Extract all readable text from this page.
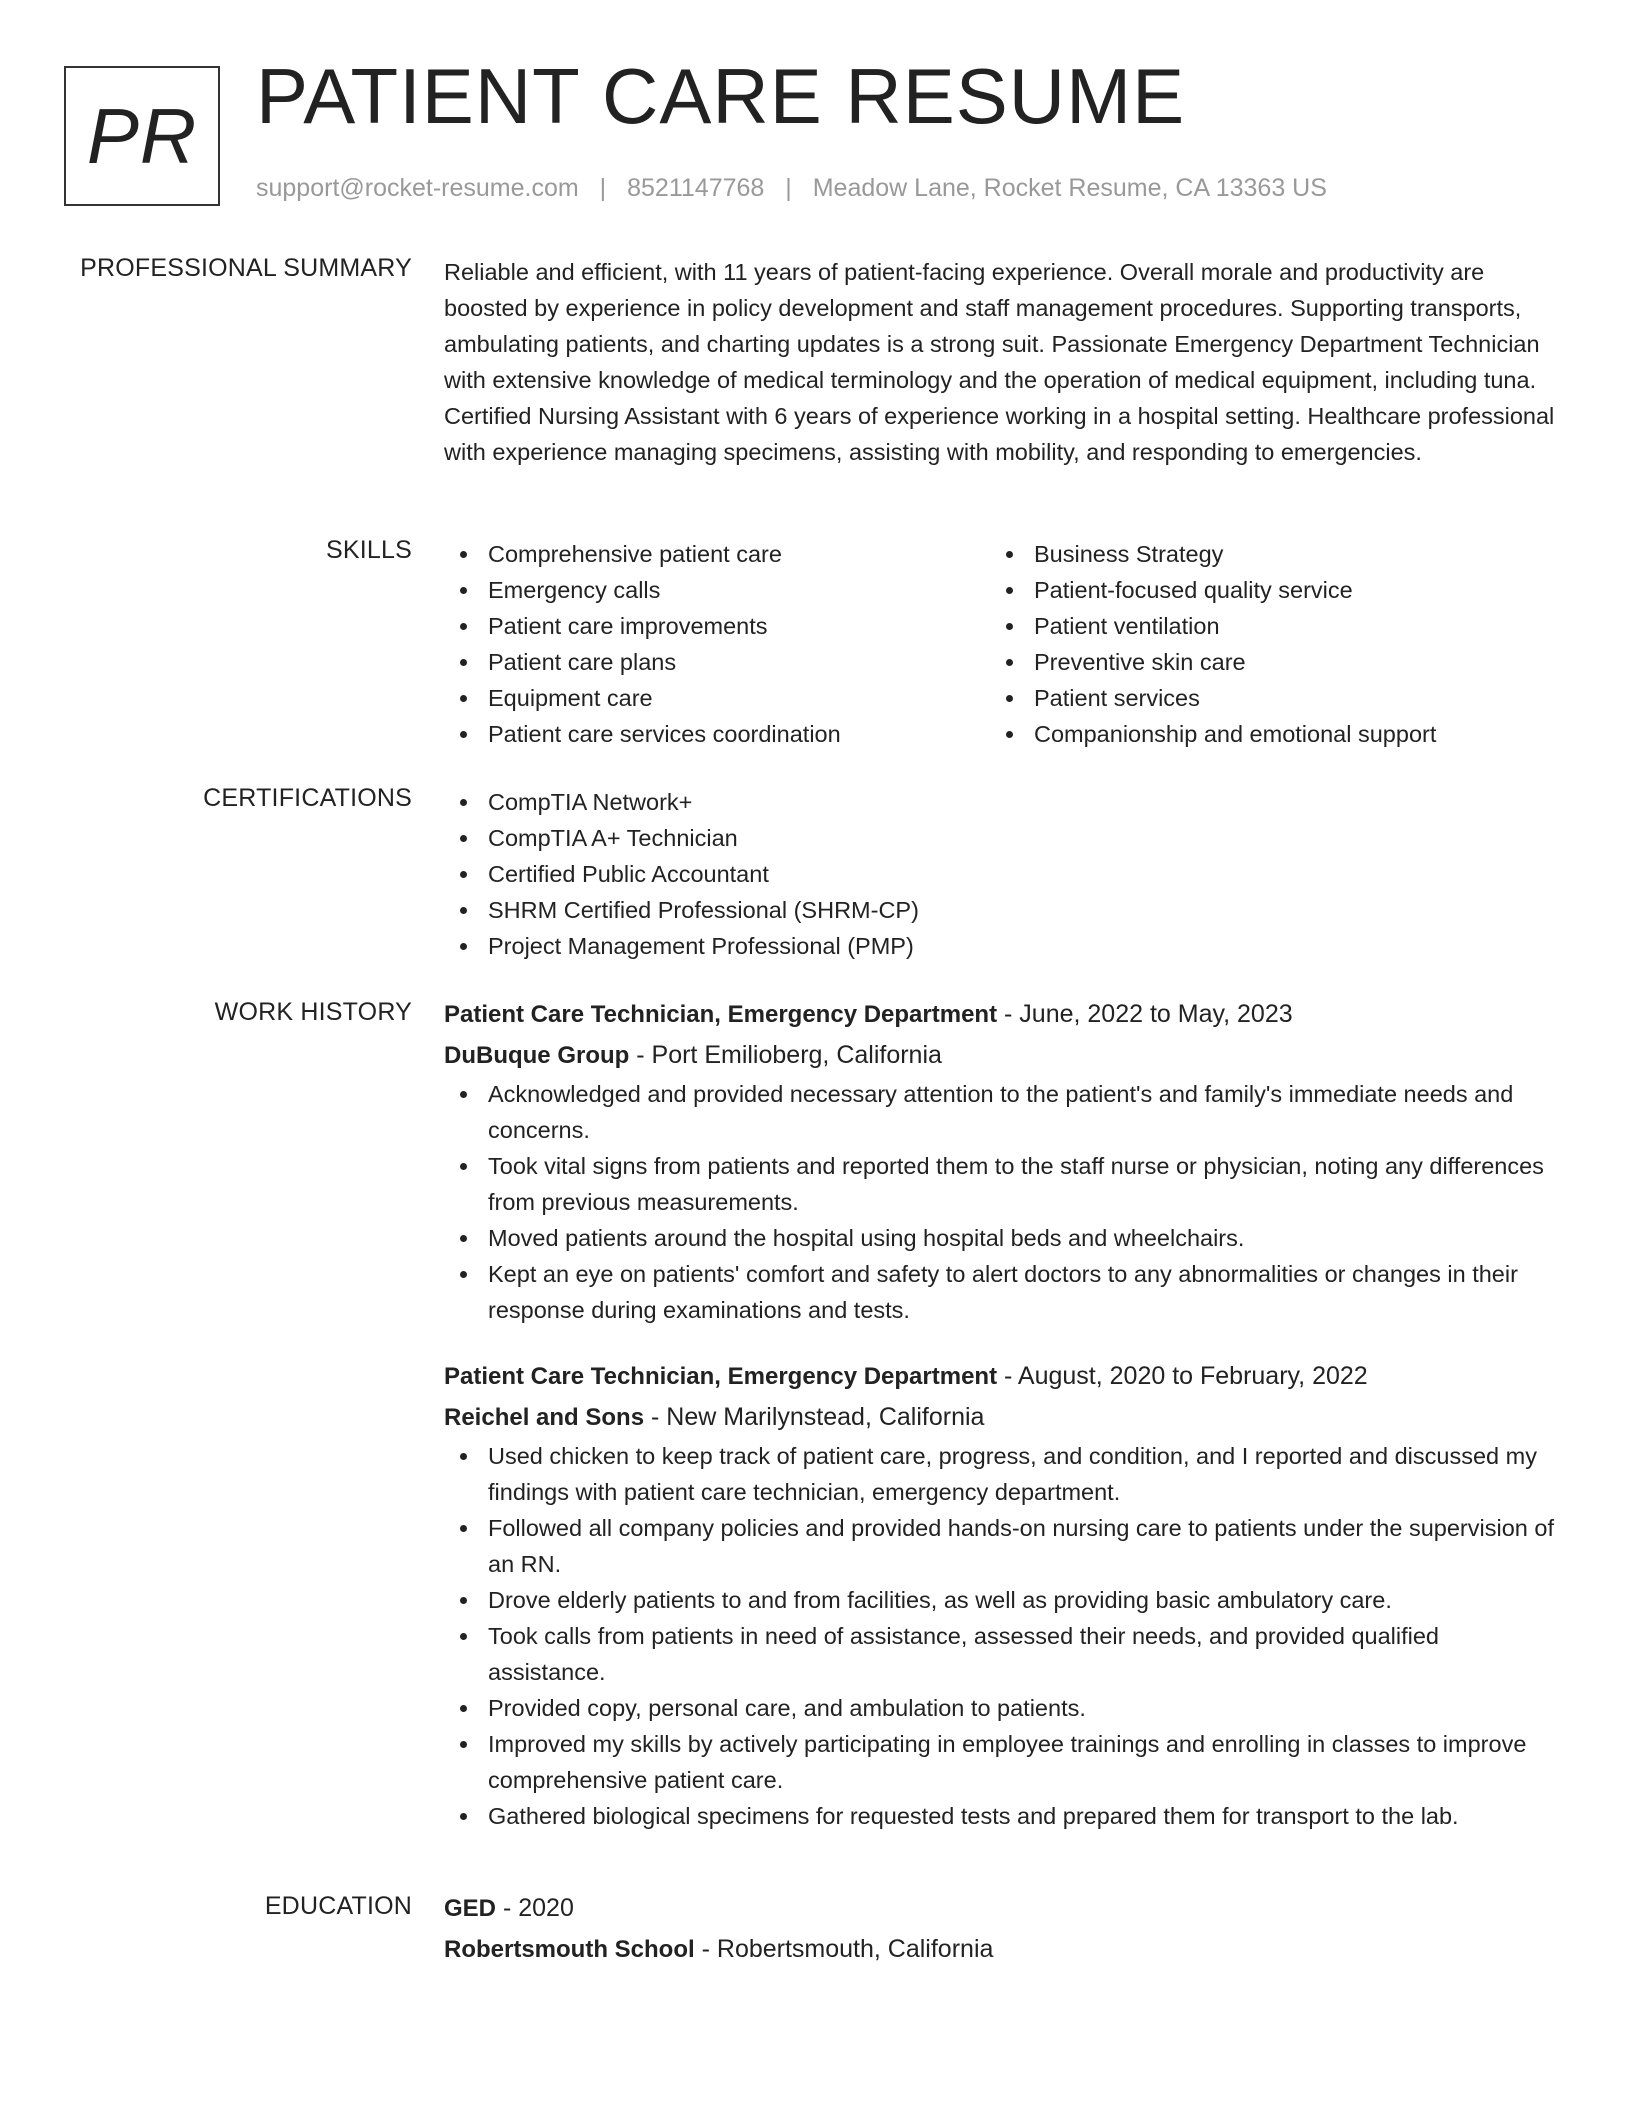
PR PATIENT CARE RESUME
support@rocket-resume.com | 8521147768 | Meadow Lane, Rocket Resume, CA 13363 US
PROFESSIONAL SUMMARY Reliable and efficient, with 11 years of patient-facing experience. Overall morale and productivity are boosted by experience in policy development and staff management procedures. Supporting transports, ambulating patients, and charting updates is a strong suit. Passionate Emergency Department Technician with extensive knowledge of medical terminology and the operation of medical equipment, including tuna. Certified Nursing Assistant with 6 years of experience working in a hospital setting. Healthcare professional with experience managing specimens, assisting with mobility, and responding to emergencies.

SKILLS	Comprehensive patient care
Emergency calls
Patient care improvements
Patient care plans
Equipment care
Patient care services coordination
Business Strategy
Patient-focused quality service
Patient ventilation
Preventive skin care
Patient services
Companionship and emotional support
CERTIFICATIONS	CompTIA Network+
CompTIA A+ Technician
Certified Public Accountant
SHRM Certified Professional (SHRM-CP)
Project Management Professional (PMP)
WORK HISTORY Patient Care Technician, Emergency Department - June, 2022 to May, 2023
DuBuque Group - Port Emilioberg, California
Acknowledged and provided necessary attention to the patient's and family's immediate needs and concerns.
Took vital signs from patients and reported them to the staff nurse or physician, noting any differences from previous measurements.
Moved patients around the hospital using hospital beds and wheelchairs.
Kept an eye on patients' comfort and safety to alert doctors to any abnormalities or changes in their response during examinations and tests.
Patient Care Technician, Emergency Department - August, 2020 to February, 2022
Reichel and Sons - New Marilynstead, California
Used chicken to keep track of patient care, progress, and condition, and I reported and discussed my findings with patient care technician, emergency department.
Followed all company policies and provided hands-on nursing care to patients under the supervision of an RN.
Drove elderly patients to and from facilities, as well as providing basic ambulatory care.
Took calls from patients in need of assistance, assessed their needs, and provided qualified assistance.
Provided copy, personal care, and ambulation to patients.
Improved my skills by actively participating in employee trainings and enrolling in classes to improve comprehensive patient care.
Gathered biological specimens for requested tests and prepared them for transport to the lab.
EDUCATION GED - 2020
Robertsmouth School - Robertsmouth, California
